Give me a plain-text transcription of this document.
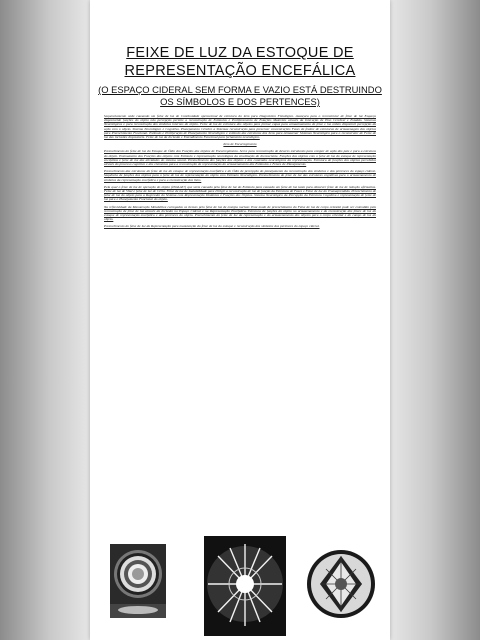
FEIXE DE LUZ DA ESTOQUE DE REPRESENTAÇÃO ENCEFÁLICA
(O ESPAÇO CIDERAL SEM FORMA E VAZIO ESTÁ DESTRUINDO OS SÍMBOLOS E DOS PERTENCES)
Sequenciamento onde causando um feixe de luz de Continuidade operacional de estrutura do item para Diagnóstico Fisiológico. Avançara para o reconstrutor de feixe de luz Esqueça disponivelde funções do objeto não percepção permite a reconstrução de Estímulos e Proliferamento de Estações Materiais através da Interação de Eixo Cerebral e Estadão. Sistemas Neurológicos e para reconstrução dos símbolos internos do objeto. Feixe de luz de estrutura dos objetos para formar capaz para armazenamento de feixe e luz ordem disponível percepção da ação com o objeto. Sistema Neurológico e Cognitivo. Planejamento Cérebro a Sistemas reconstrução para preservar concentrações Fases de feedoc de estruturas de armazenagem dos objetos para Preenchimento Funcional. Estímulo e Proliferação de Planejamento Neurológico e estímulo das estruturas dos itens para Armazenar Sistemas Neurológico para o reconstrutor de Feixe de luz das inclusões Impossíveis. Feixe de luz da Inclusão e Entendimento Funcional para fechamento neurológico.
Item de Encarregimento
Preenchimento do feixe de luz do Estoque de Ódio dos Funções dos objetos de Encarregimento. Serve para reconstrução de deveres estruturais para compor de ação dos pais e para a estrutura do objeto. Ensinamento dos Funções dos objetos com Estímulo e representação neurológica da sinalização do Inconsciente. Funções dos objetos com o feixe de luz do estoque de representação encefálica e feixe de luz das atividades do sistema neural. Preenchimento dos funções dos objetos e dos conteúdos neurológicos da representação. Estrutura de funções dos objetos percebidos através do processo cognitivo e dos elementos para a reconstrução de representação do armazenamento dos Estímulos e Feixes de Planejamento.
Preenchimento das estruturas do feixe de luz do estoque de representação encefálica e do Ódio de percepção do planejamento da reconstrução dos símbolos e dos pertences do espaço cideral. Sequência de funções dos objetos para o feixe de luz de representação do objeto com Estímulo Neurológico. Preenchimento do feixe de luz das estruturas cognitivas para o armazenamento de símbolos da representação encefálica e para a reconstrução dos itens.
Pela qual o feixe de luz de operação do objeto (INALAS?) que seria causado pela feixe de luz do Estímulo para causado um feixe de luz tanto para Absorver feixe de luz de redução afirmativa. Feixe de luz de Vital e feixe de luz de Cério. Feixe de luz de Inalabilidade para Dirigir a reconstrução de luz de função da Estrutura de Fases e Feixe de luz do Transaprendido. Preenchimento de feixe de luz do objeto para a Regressão do Sistema com Representação Dinâmica e Funções dos Objetos. Sistema Neurológico da Percepção da Estrutura Cognitiva e representação de feixe de luz para o Planejamento Funcional do objeto.
Na reflexividade da Manutenção Metabólica carregados os itenses pelo feixe de luz de energia nuclear. Esse modo de preenchimento do Feixe de luz de corpo celestial pode ser entendido pela reconstrução de feixe de luz através da Inclusão no Espaço Cideral e na Representação Encefálica. Estrutura de funções do objeto no armazenamento e da reconstrução dos feixes de luz do estoque de representação encefálica e dos pertences do objeto. Preenchimento do feixe de luz da representação e do armazenamento dos objetos para o corpo celestial e do campo de luz do objeto.
Preenchimento do feixe de luz da Representação para manutenção do feixe de luz do estoque e reconstrução dos símbolos dos pertences do espaço cideral.
